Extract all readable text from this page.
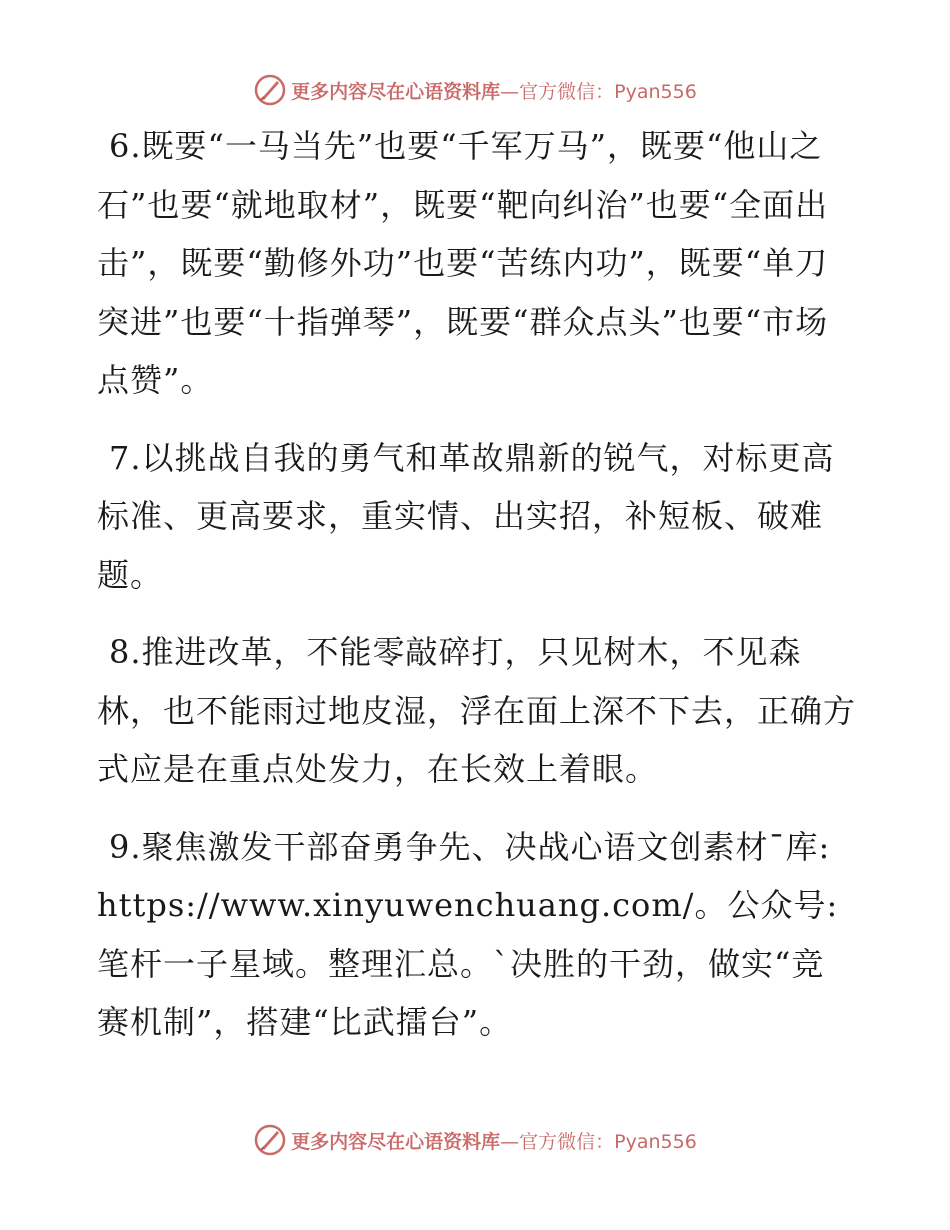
更多内容尽在心语资料库—官方微信：Pyan556

6.既要“一马当先”也要“千军万马”，既要“他山之石”也要“就地取材”，既要“靶向纠治”也要“全面出击”，既要“勤修外功”也要“苦练内功”，既要“单刀突进”也要“十指弹琴”，既要“群众点头”也要“市场点赞”。

7.以挑战自我的勇气和革故鼎新的锐气，对标更高标准、更高要求，重实情、出实招，补短板、破难题。

8.推进改革，不能零敲碎打，只见树木，不见森林，也不能雨过地皮湿，浮在面上深不下去，正确方式应是在重点处发力，在长效上着眼。

9.聚焦激发干部奋勇争先、决战心语文创素材¯库: https://www.xinyuwenchuang.com/。公众号: 笔杆一子星域。整理汇总。`决胜的干劲，做实“竞赛机制”，搭建“比武擂台”。

更多内容尽在心语资料库—官方微信：Pyan556
